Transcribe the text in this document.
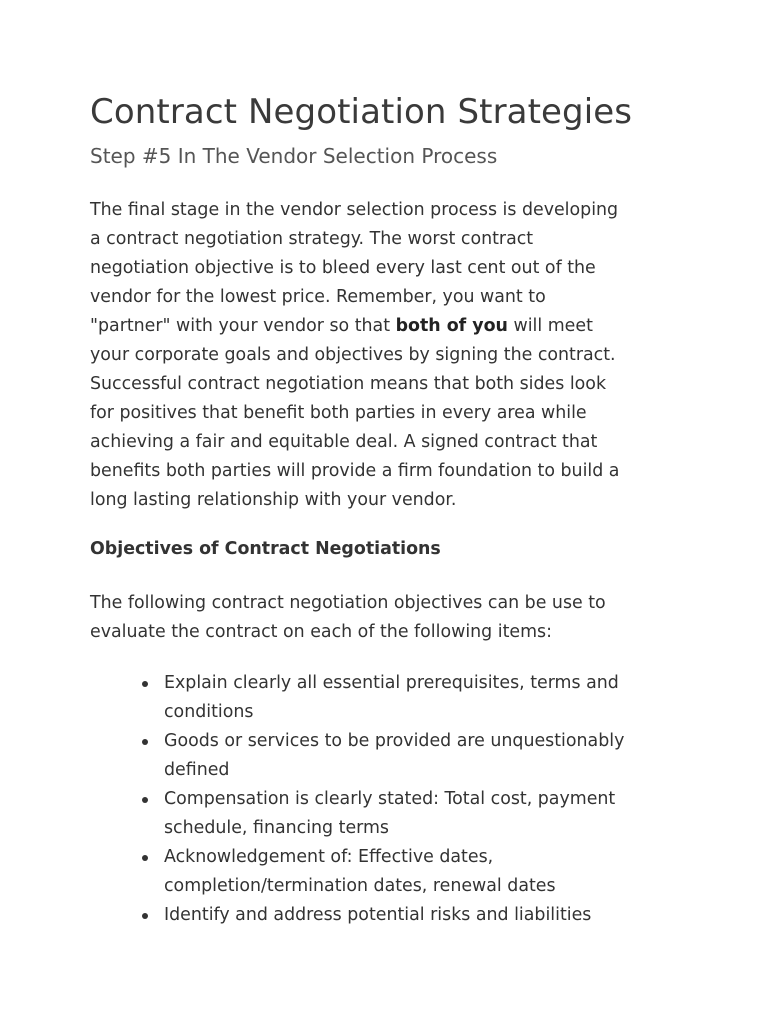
Contract Negotiation Strategies
Step #5 In The Vendor Selection Process

The final stage in the vendor selection process is developing
a contract negotiation strategy. The worst contract
negotiation objective is to bleed every last cent out of the
vendor for the lowest price. Remember, you want to
"partner" with your vendor so that both of you will meet
your corporate goals and objectives by signing the contract.
Successful contract negotiation means that both sides look
for positives that benefit both parties in every area while
achieving a fair and equitable deal. A signed contract that
benefits both parties will provide a firm foundation to build a
long lasting relationship with your vendor.

Objectives of Contract Negotiations

The following contract negotiation objectives can be use to
evaluate the contract on each of the following items:

Explain clearly all essential prerequisites, terms and
conditions
Goods or services to be provided are unquestionably
defined
Compensation is clearly stated: Total cost, payment
schedule, financing terms
Acknowledgement of: Effective dates,
completion/termination dates, renewal dates
Identify and address potential risks and liabilities
